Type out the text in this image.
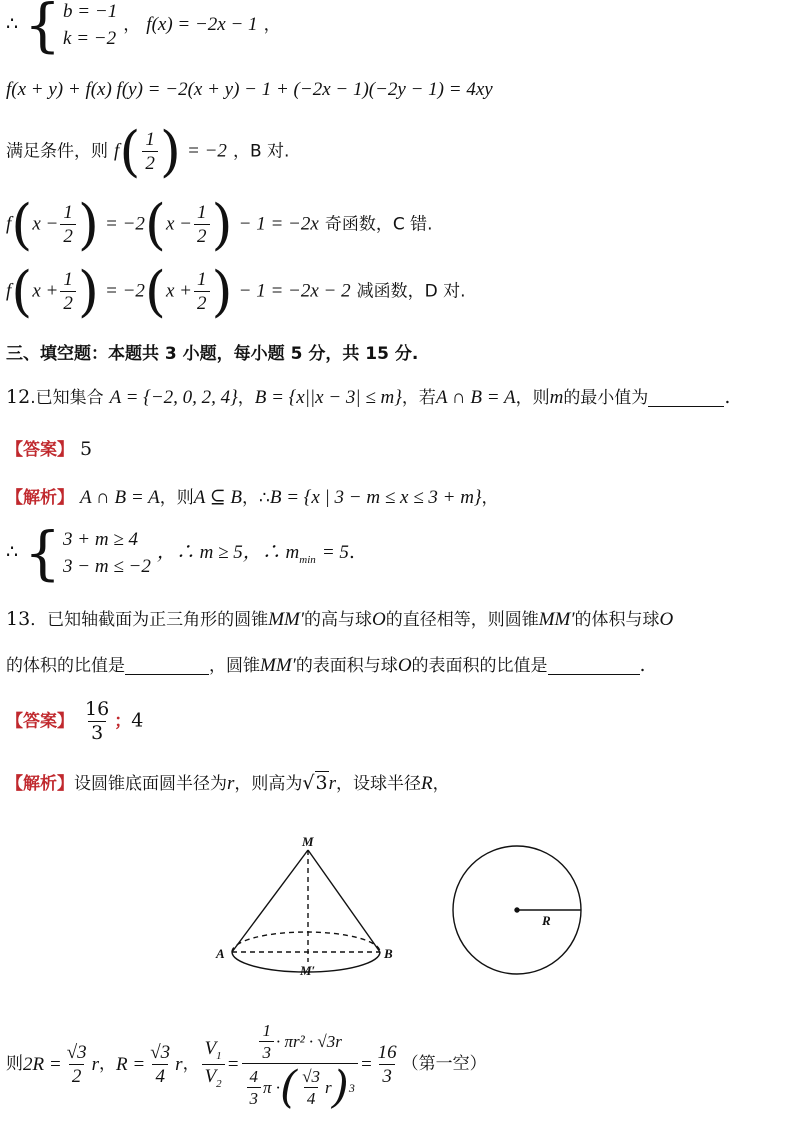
∴ { b = −1
k = −2
， f(x) = −2x − 1 ，
f(x + y) + f(x) f(y) = −2(x + y) − 1 + (−2x − 1)(−2y − 1) = 4xy
满足条件，则 $f( \frac{1}{2}$ ) = −2 ，B 对.
$f(x - \frac{1}{2}$ ) = $-2(x - \frac{1}{2}$ ) − 1 = −2x 奇函数，C 错.
$f(x + \frac{1}{2}$ ) = $-2(x + \frac{1}{2}$ ) − 1 = −2x − 2 减函数，D 对.
三、填空题：本题共 3 小题，每小题 5 分，共 15 分.
12.已知集合 A = {−2, 0, 2, 4}，B = {x||x − 3| ≤ m}，若A ∩ B = A，则m的最小值为	.
【答案】 5
【解析】 A ∩ B = A，则A ⊆ B，∴B = {x | 3 − m ≤ x ≤ 3 + m}，
∴ { 3 + m ≥ 4
3 − m ≤ −2
，∴ m ≥ 5，∴ $m_{min} = 5$.
13．已知轴截面为正三角形的圆锥MM′的高与球O的直径相等，则圆锥MM′的体积与球O
的体积的比值是	，圆锥MM′的表面积与球O的表面积的比值是	.
【答案】 $\frac{16}{3}$ ；4
【解析】设圆锥底面圆半径为r，则高为√3r，设球半径R，
M
A	B
M′
R
则 $2R = \frac{√3}{2}$ r ， $R = \frac{√3}{4}$ r ， $\frac{V_1}{V_2} = \frac{\frac{1}{3} \cdot \pi r^2 \cdot √3r}{\frac{4}{3} \pi \cdot ( \frac{√3}{4} r ) 3} = \frac{16}{3}$ （第一空）
